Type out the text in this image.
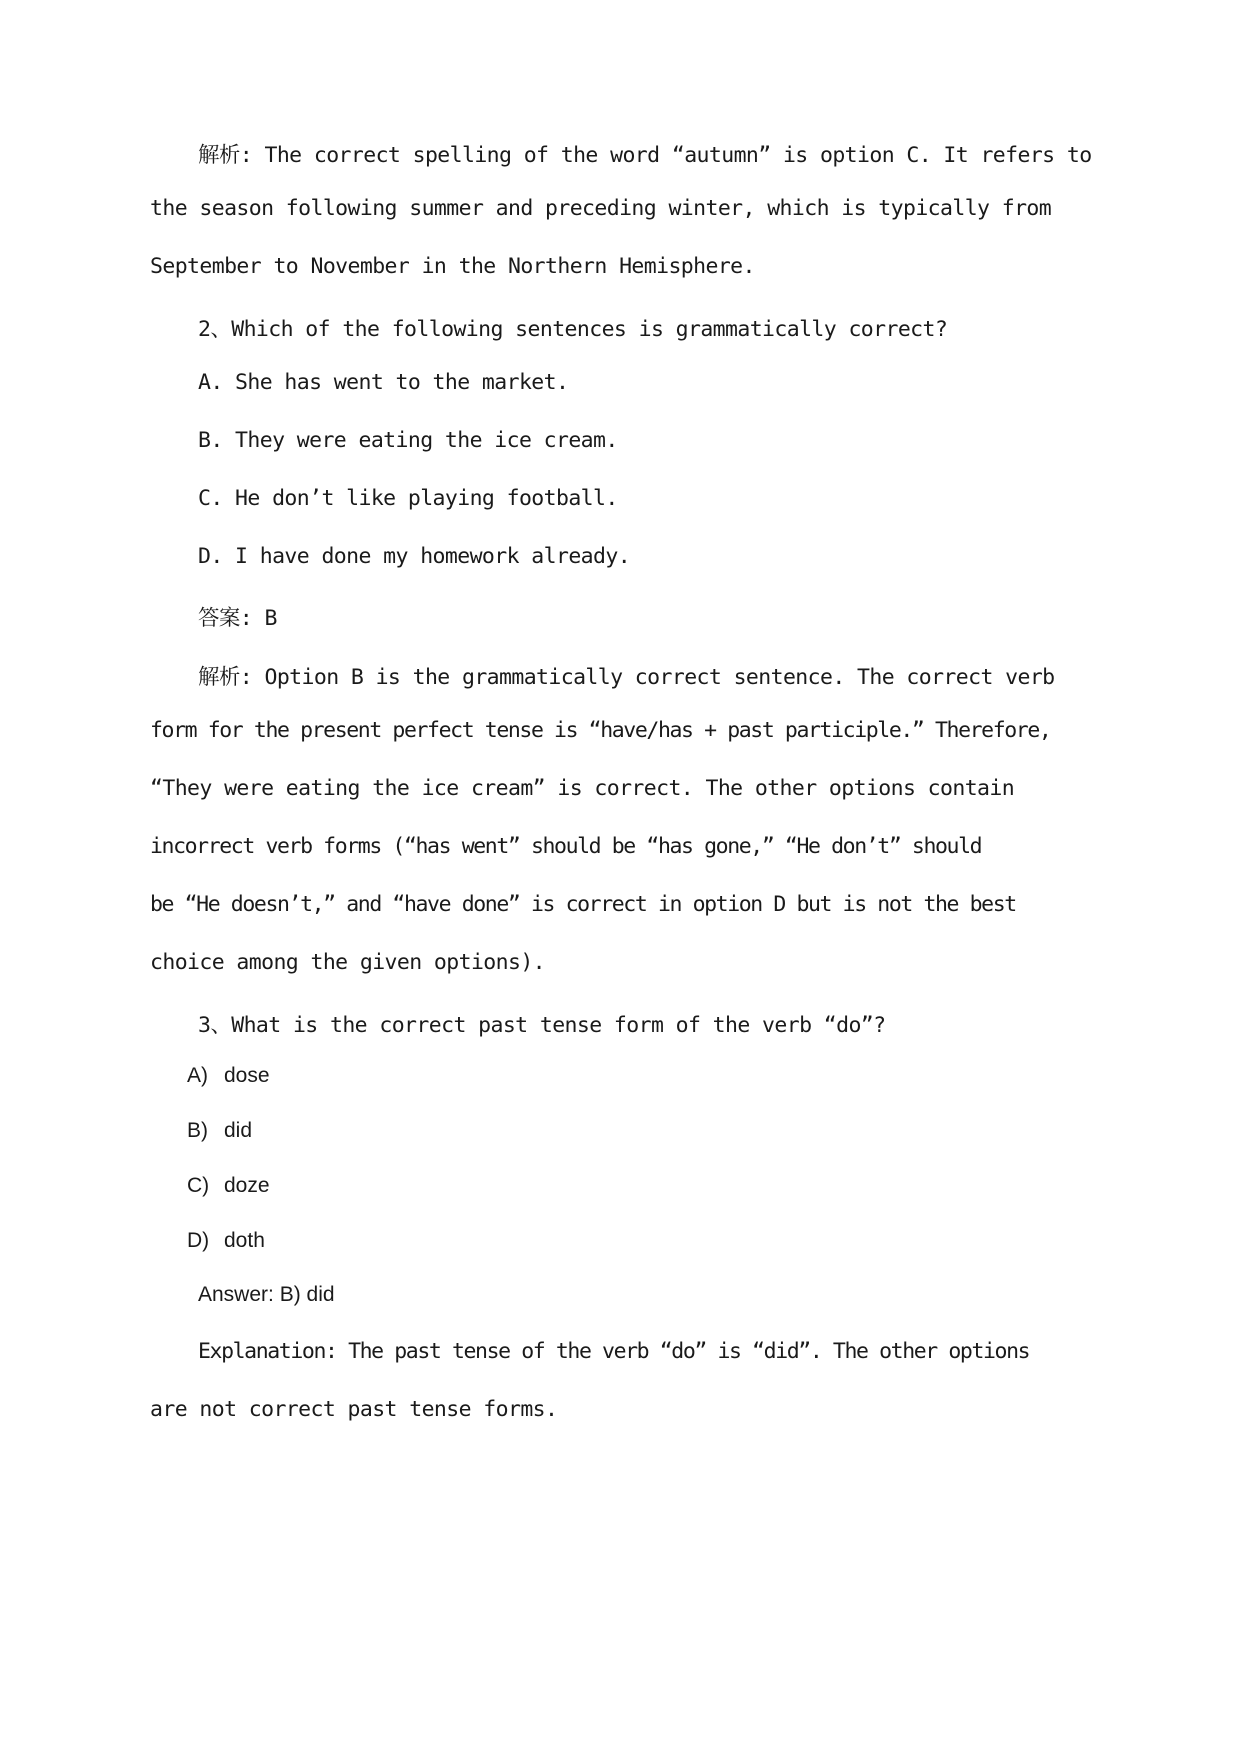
解析: The correct spelling of the word “autumn” is option C. It refers to
the season following summer and preceding winter, which is typically from
September to November in the Northern Hemisphere.
2、Which of the following sentences is grammatically correct?
A. She has went to the market.
B. They were eating the ice cream.
C. He don’t like playing football.
D. I have done my homework already.
答案: B
解析: Option B is the grammatically correct sentence. The correct verb
form for the present perfect tense is “have/has + past participle.” Therefore,
“They were eating the ice cream” is correct. The other options contain
incorrect verb forms (“has went” should be “has gone,” “He don’t” should
be “He doesn’t,” and “have done” is correct in option D but is not the best
choice among the given options).
3、What is the correct past tense form of the verb “do”?
A) dose
B) did
C) doze
D) doth
Answer: B) did
Explanation: The past tense of the verb “do” is “did”. The other options
are not correct past tense forms.
